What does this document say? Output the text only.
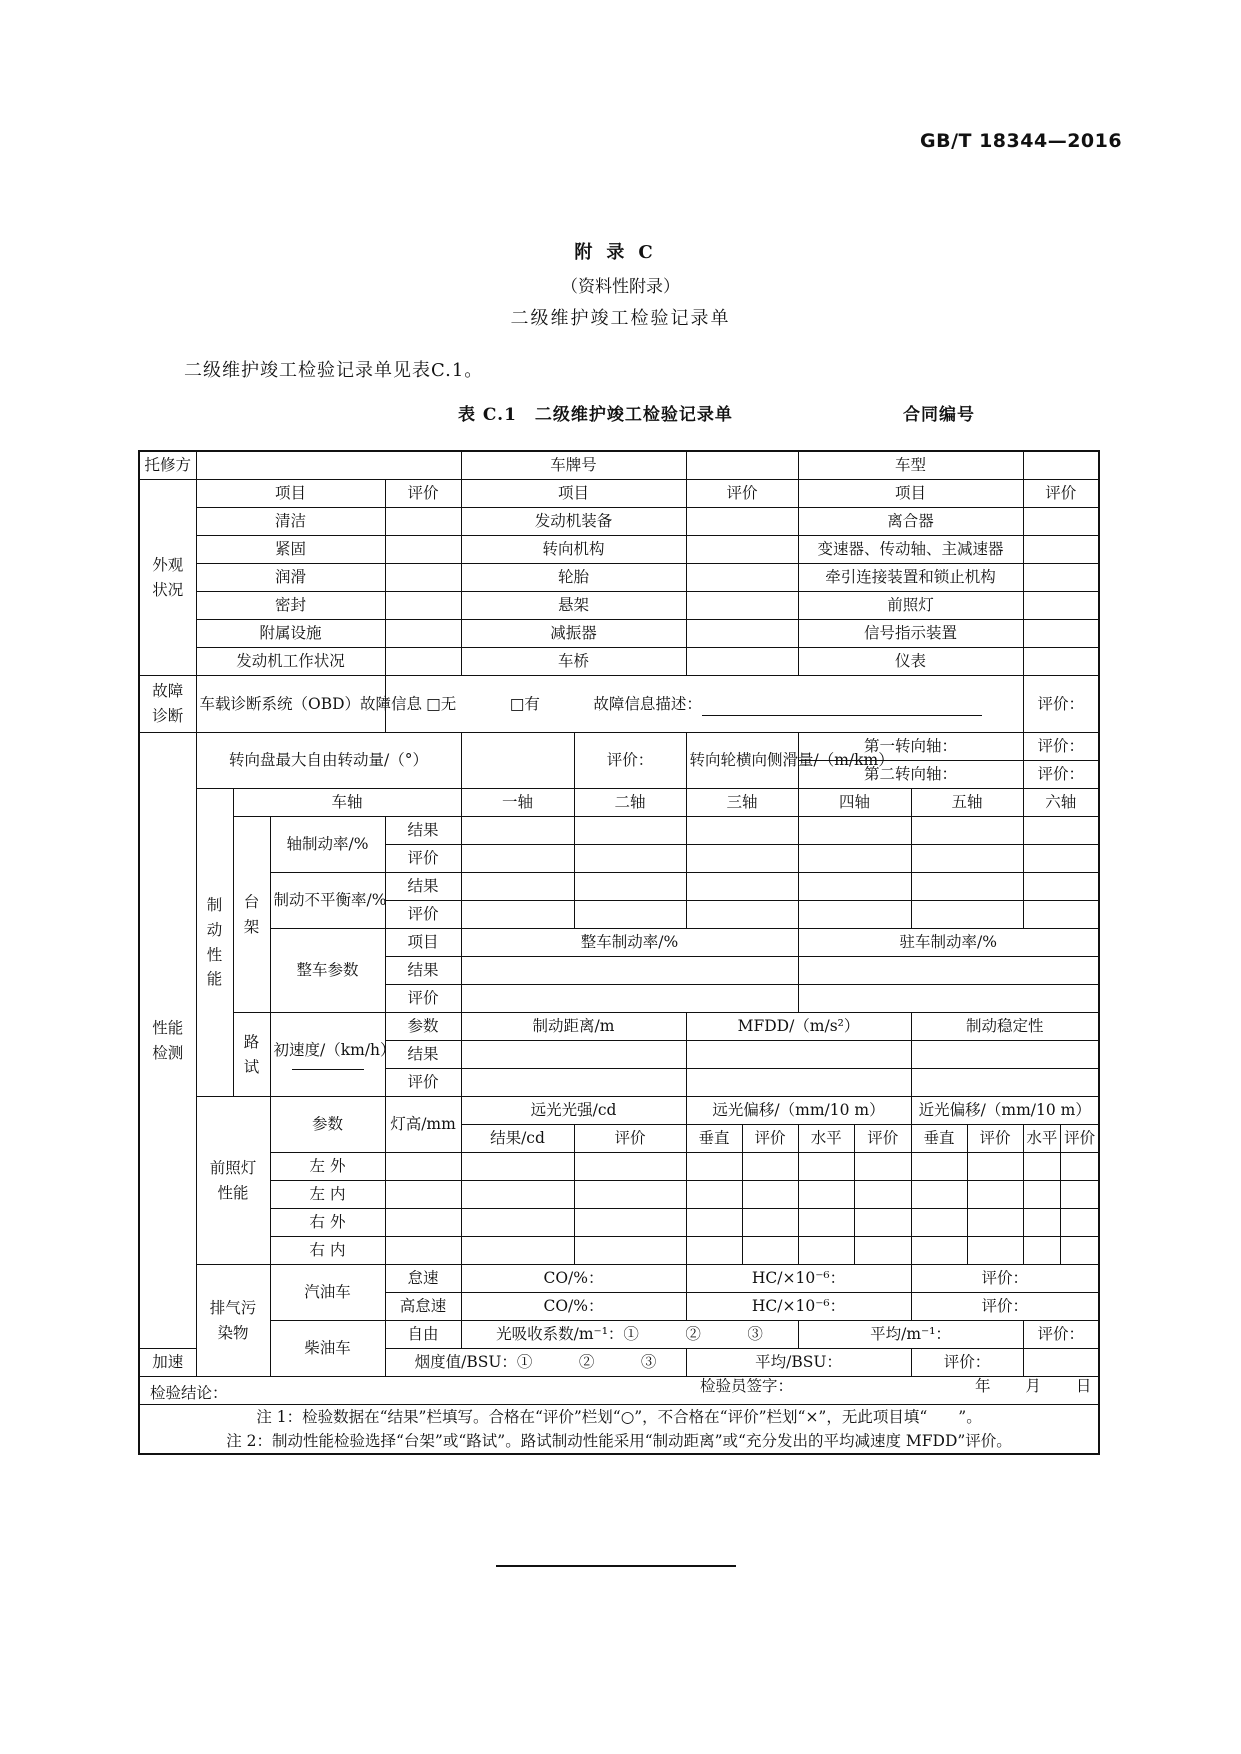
GB/T 18344—2016
附录C
（资料性附录）
二级维护竣工检验记录单
二级维护竣工检验记录单见表C.1。
表 C.1　二级维护竣工检验记录单	合同编号
托修方					车牌号			车型		
外观状况	项目			评价	项目		评价	项目		评价
	清洁				发动机装备			离合器		
	紧固				转向机构			变速器、传动轴、主减速器		
	润滑				轮胎			牵引连接装置和锁止机构		
	密封				悬架			前照灯		
	附属设施				减振器			信号指示装置		
	发动机工作状况				车桥			仪表		
故障诊断	车载诊断系统（OBD）故障信息			□无　　　 □有　　　 故障信息描述：						评价：
性能检测	转向盘最大自由转动量/（°）					评价：	转向轮横向侧滑量/（m/km）	第一转向轴：		评价：
								第二转向轴：		评价：
	制动性能	车轴			一轴	二轴	三轴	四轴	五轴	六轴
		台架	轴制动率/%	结果						
				评价						
			制动不平衡率/%	结果						
				评价						
			整车参数	项目	整车制动率/%			驻车制动率/%		
				结果						
				评价						
		路试	初速度/（km/h）	参数	制动距离/m		MFDD/（m/s²）		制动稳定性	
				结果						
				评价						
	前照灯性能		参数	灯高/mm	远光光强/cd		远光偏移/（mm/10 m）		近光偏移/（mm/10 m）	
					结果/cd	评价	垂直 评价	水平 评价	垂直 评价	水平 评价

			左 外				

			左 内				

			右 外				

			右 内				

	排气污染物		汽油车	怠速	CO/%：		HC/×10⁻⁶：		评价：	
				高怠速	CO/%：		HC/×10⁻⁶：		评价：	
			柴油车	自由	光吸收系数/m⁻¹：①　　　②　　　③			平均/m⁻¹：		评价：
加速				烟度值/BSU：①　　　②　　　③			平均/BSU：		评价：	

检验结论： 检验员签字： 年 月 日										

注 1：检验数据在“结果”栏填写。合格在“评价”栏划“○”，不合格在“评价”栏划“×”，无此项目填“　　”。
注 2：制动性能检验选择“台架”或“路试”。路试制动性能采用“制动距离”或“充分发出的平均减速度 MFDD”评价。										
